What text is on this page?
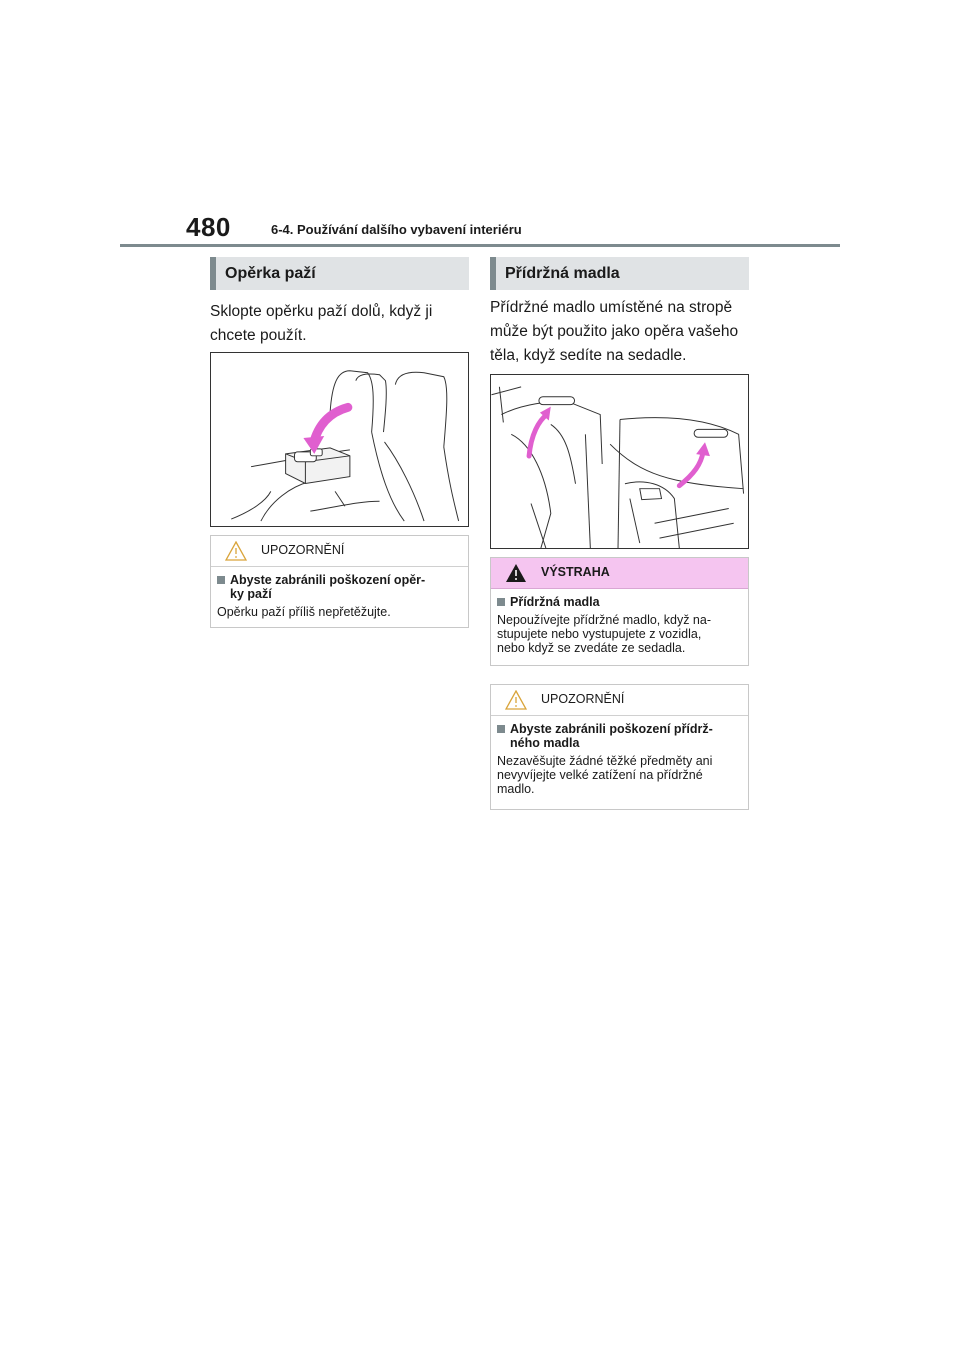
480	6-4. Používání dalšího vybavení interiéru
Opěrka paží
Sklopte opěrku paží dolů, když ji
chcete použít.
UPOZORNĚNÍ
Abyste zabránili poškození opěr-
ky paží
Opěrku paží příliš nepřetěžujte.
Přídržná madla
Přídržné madlo umístěné na stropě
může být použito jako opěra vašeho
těla, když sedíte na sedadle.
VÝSTRAHA
Přídržná madla
Nepoužívejte přídržné madlo, když na-
stupujete nebo vystupujete z vozidla,
nebo když se zvedáte ze sedadla.
UPOZORNĚNÍ
Abyste zabránili poškození přídrž-
ného madla
Nezavěšujte žádné těžké předměty ani
nevyvíjejte velké zatížení na přídržné
madlo.
